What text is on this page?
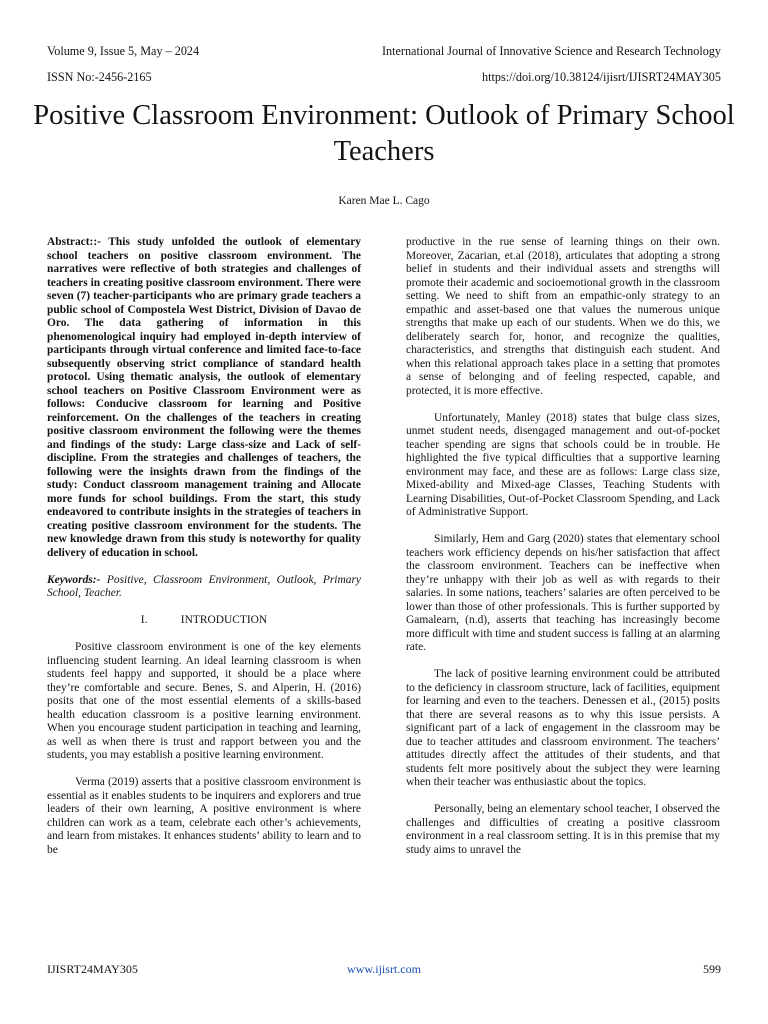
Volume 9, Issue 5, May – 2024	International Journal of Innovative Science and Research Technology
ISSN No:-2456-2165	https://doi.org/10.38124/ijisrt/IJISRT24MAY305
Positive Classroom Environment: Outlook of Primary School Teachers
Karen Mae L. Cago

Abstract::- This study unfolded the outlook of elementary school teachers on positive classroom environment. The narratives were reflective of both strategies and challenges of teachers in creating positive classroom environment. There were seven (7) teacher-participants who are primary grade teachers a public school of Compostela West District, Division of Davao de Oro. The data gathering of information in this phenomenological inquiry had employed in-depth interview of participants through virtual conference and limited face-to-face subsequently observing strict compliance of standard health protocol. Using thematic analysis, the outlook of elementary school teachers on Positive Classroom Environment were as follows: Conducive classroom for learning and Positive reinforcement. On the challenges of the teachers in creating positive classroom environment the following were the themes and findings of the study: Large class-size and Lack of self-discipline. From the strategies and challenges of teachers, the following were the insights drawn from the findings of the study: Conduct classroom management training and Allocate more funds for school buildings. From the start, this study endeavored to contribute insights in the strategies of teachers in creating positive classroom environment for the students. The new knowledge drawn from this study is noteworthy for quality delivery of education in school.

Keywords:- Positive, Classroom Environment, Outlook, Primary School, Teacher.

I.	INTRODUCTION

Positive classroom environment is one of the key elements influencing student learning. An ideal learning classroom is when students feel happy and supported, it should be a place where they’re comfortable and secure. Benes, S. and Alperin, H. (2016) posits that one of the most essential elements of a skills-based health education classroom is a positive learning environment. When you encourage student participation in teaching and learning, as well as when there is trust and rapport between you and the students, you may establish a positive learning environment.

Verma (2019) asserts that a positive classroom environment is essential as it enables students to be inquirers and explorers and true leaders of their own learning, A positive environment is where children can work as a team, celebrate each other’s achievements, and learn from mistakes. It enhances students’ ability to learn and to be

productive in the rue sense of learning things on their own. Moreover, Zacarian, et.al (2018), articulates that adopting a strong belief in students and their individual assets and strengths will promote their academic and socioemotional growth in the classroom setting. We need to shift from an empathic-only strategy to an empathic and asset-based one that values the numerous unique strengths that make up each of our students. When we do this, we deliberately search for, honor, and recognize the qualities, characteristics, and strengths that distinguish each student. And when this relational approach takes place in a setting that promotes a sense of belonging and of feeling respected, capable, and protected, it is more effective.

Unfortunately, Manley (2018) states that bulge class sizes, unmet student needs, disengaged management and out-of-pocket teacher spending are signs that schools could be in trouble. He highlighted the five typical difficulties that a supportive learning environment may face, and these are as follows: Large class size, Mixed-ability and Mixed-age Classes, Teaching Students with Learning Disabilities, Out-of-Pocket Classroom Spending, and Lack of Administrative Support.

Similarly, Hem and Garg (2020) states that elementary school teachers work efficiency depends on his/her satisfaction that affect the classroom environment. Teachers can be ineffective when they’re unhappy with their job as well as with regards to their salaries. In some nations, teachers’ salaries are often perceived to be lower than those of other professionals. This is further supported by Gamalearn, (n.d), asserts that teaching has increasingly become more difficult with time and student success is falling at an alarming rate.

The lack of positive learning environment could be attributed to the deficiency in classroom structure, lack of facilities, equipment for learning and even to the teachers. Denessen et al., (2015) posits that there are several reasons as to why this issue persists. A significant part of a lack of engagement in the classroom may be due to teacher attitudes and classroom environment. The teachers’ attitudes directly affect the attitudes of their students, and that students felt more positively about the subject they were learning when their teacher was enthusiastic about the topics.

Personally, being an elementary school teacher, I observed the challenges and difficulties of creating a positive classroom environment in a real classroom setting. It is in this premise that my study aims to unravel the

IJISRT24MAY305	www.ijisrt.com	599
